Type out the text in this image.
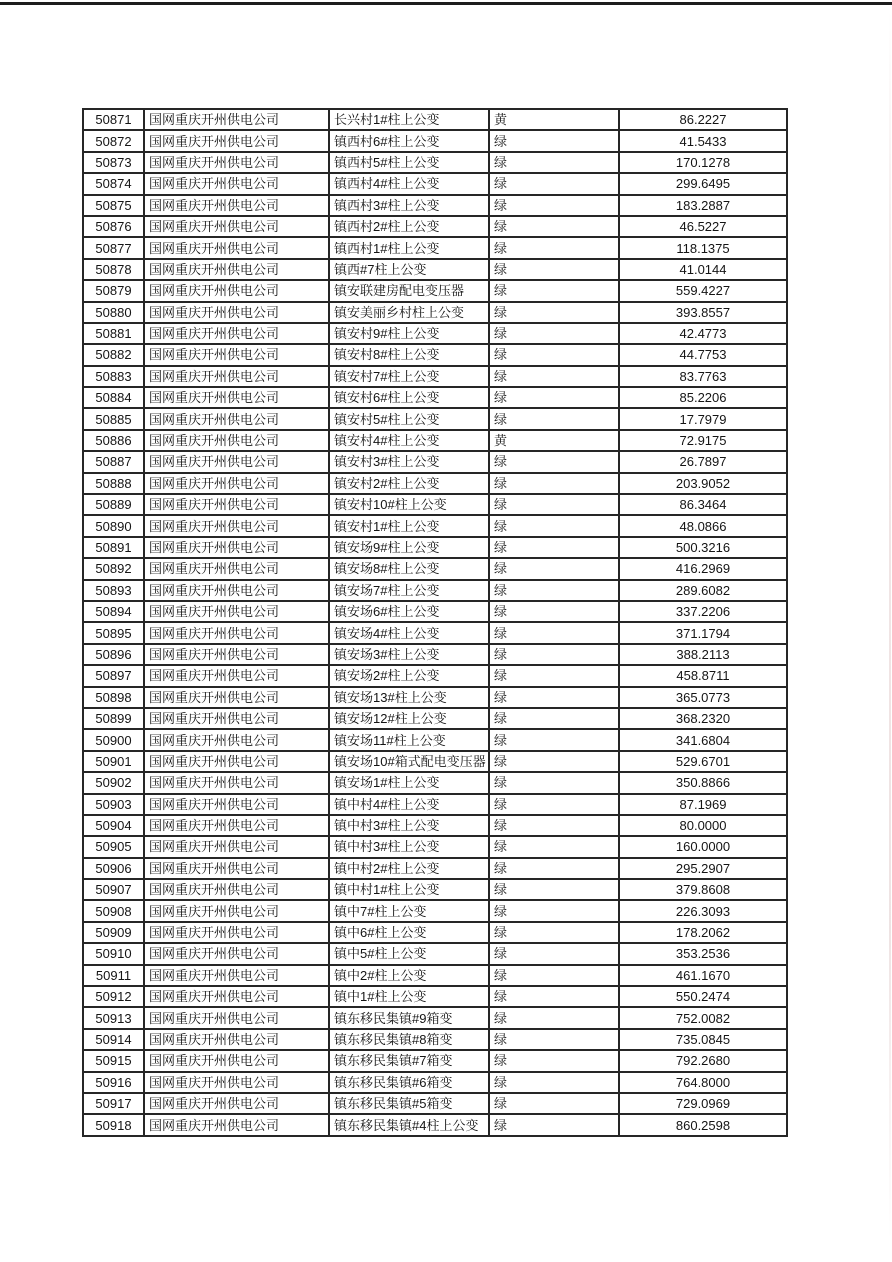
50871	国网重庆开州供电公司	长兴村1#柱上公变	黄	86.2227
50872	国网重庆开州供电公司	镇西村6#柱上公变	绿	41.5433
50873	国网重庆开州供电公司	镇西村5#柱上公变	绿	170.1278
50874	国网重庆开州供电公司	镇西村4#柱上公变	绿	299.6495
50875	国网重庆开州供电公司	镇西村3#柱上公变	绿	183.2887
50876	国网重庆开州供电公司	镇西村2#柱上公变	绿	46.5227
50877	国网重庆开州供电公司	镇西村1#柱上公变	绿	118.1375
50878	国网重庆开州供电公司	镇西#7柱上公变	绿	41.0144
50879	国网重庆开州供电公司	镇安联建房配电变压器	绿	559.4227
50880	国网重庆开州供电公司	镇安美丽乡村柱上公变	绿	393.8557
50881	国网重庆开州供电公司	镇安村9#柱上公变	绿	42.4773
50882	国网重庆开州供电公司	镇安村8#柱上公变	绿	44.7753
50883	国网重庆开州供电公司	镇安村7#柱上公变	绿	83.7763
50884	国网重庆开州供电公司	镇安村6#柱上公变	绿	85.2206
50885	国网重庆开州供电公司	镇安村5#柱上公变	绿	17.7979
50886	国网重庆开州供电公司	镇安村4#柱上公变	黄	72.9175
50887	国网重庆开州供电公司	镇安村3#柱上公变	绿	26.7897
50888	国网重庆开州供电公司	镇安村2#柱上公变	绿	203.9052
50889	国网重庆开州供电公司	镇安村10#柱上公变	绿	86.3464
50890	国网重庆开州供电公司	镇安村1#柱上公变	绿	48.0866
50891	国网重庆开州供电公司	镇安场9#柱上公变	绿	500.3216
50892	国网重庆开州供电公司	镇安场8#柱上公变	绿	416.2969
50893	国网重庆开州供电公司	镇安场7#柱上公变	绿	289.6082
50894	国网重庆开州供电公司	镇安场6#柱上公变	绿	337.2206
50895	国网重庆开州供电公司	镇安场4#柱上公变	绿	371.1794
50896	国网重庆开州供电公司	镇安场3#柱上公变	绿	388.2113
50897	国网重庆开州供电公司	镇安场2#柱上公变	绿	458.8711
50898	国网重庆开州供电公司	镇安场13#柱上公变	绿	365.0773
50899	国网重庆开州供电公司	镇安场12#柱上公变	绿	368.2320
50900	国网重庆开州供电公司	镇安场11#柱上公变	绿	341.6804
50901	国网重庆开州供电公司	镇安场10#箱式配电变压器	绿	529.6701
50902	国网重庆开州供电公司	镇安场1#柱上公变	绿	350.8866
50903	国网重庆开州供电公司	镇中村4#柱上公变	绿	87.1969
50904	国网重庆开州供电公司	镇中村3#柱上公变	绿	80.0000
50905	国网重庆开州供电公司	镇中村3#柱上公变	绿	160.0000
50906	国网重庆开州供电公司	镇中村2#柱上公变	绿	295.2907
50907	国网重庆开州供电公司	镇中村1#柱上公变	绿	379.8608
50908	国网重庆开州供电公司	镇中7#柱上公变	绿	226.3093
50909	国网重庆开州供电公司	镇中6#柱上公变	绿	178.2062
50910	国网重庆开州供电公司	镇中5#柱上公变	绿	353.2536
50911	国网重庆开州供电公司	镇中2#柱上公变	绿	461.1670
50912	国网重庆开州供电公司	镇中1#柱上公变	绿	550.2474
50913	国网重庆开州供电公司	镇东移民集镇#9箱变	绿	752.0082
50914	国网重庆开州供电公司	镇东移民集镇#8箱变	绿	735.0845
50915	国网重庆开州供电公司	镇东移民集镇#7箱变	绿	792.2680
50916	国网重庆开州供电公司	镇东移民集镇#6箱变	绿	764.8000
50917	国网重庆开州供电公司	镇东移民集镇#5箱变	绿	729.0969
50918	国网重庆开州供电公司	镇东移民集镇#4柱上公变	绿	860.2598
